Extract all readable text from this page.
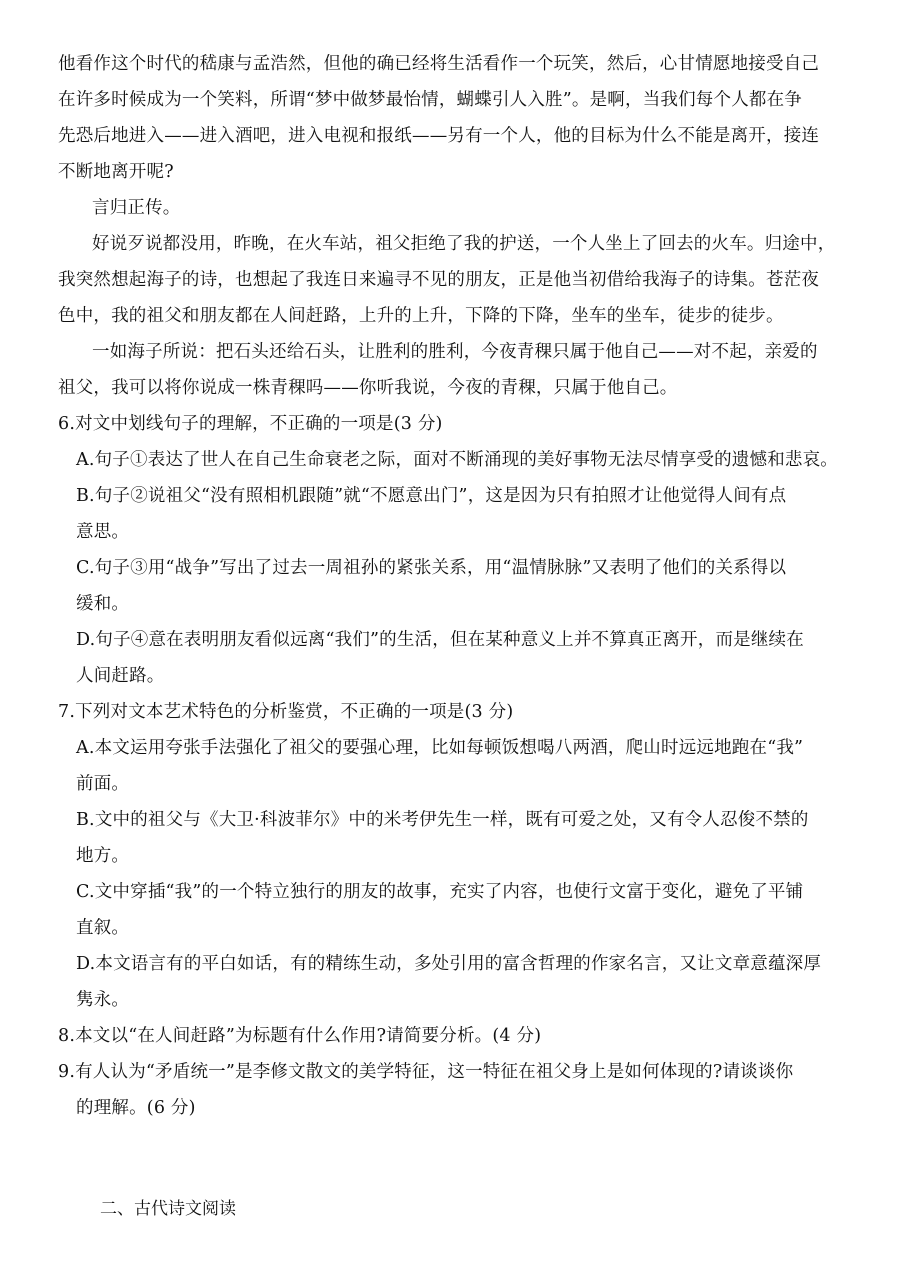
他看作这个时代的嵇康与孟浩然，但他的确已经将生活看作一个玩笑，然后，心甘情愿地接受自己
在许多时候成为一个笑料，所谓“梦中做梦最怡情，蝴蝶引人入胜”。是啊，当我们每个人都在争
先恐后地进入——进入酒吧，进入电视和报纸——另有一个人，他的目标为什么不能是离开，接连
不断地离开呢?
言归正传。
好说歹说都没用，昨晚，在火车站，祖父拒绝了我的护送，一个人坐上了回去的火车。归途中，
我突然想起海子的诗，也想起了我连日来遍寻不见的朋友，正是他当初借给我海子的诗集。苍茫夜
色中，我的祖父和朋友都在人间赶路，上升的上升，下降的下降，坐车的坐车，徒步的徒步。
一如海子所说：把石头还给石头，让胜利的胜利，今夜青稞只属于他自己——对不起，亲爱的
祖父，我可以将你说成一株青稞吗——你听我说，今夜的青稞，只属于他自己。
6.对文中划线句子的理解，不正确的一项是(3 分)
A.句子①表达了世人在自己生命衰老之际，面对不断涌现的美好事物无法尽情享受的遗憾和悲哀。
B.句子②说祖父“没有照相机跟随”就“不愿意出门”，这是因为只有拍照才让他觉得人间有点
意思。
C.句子③用“战争”写出了过去一周祖孙的紧张关系，用“温情脉脉”又表明了他们的关系得以
缓和。
D.句子④意在表明朋友看似远离“我们”的生活，但在某种意义上并不算真正离开，而是继续在
人间赶路。
7.下列对文本艺术特色的分析鉴赏，不正确的一项是(3 分)
A.本文运用夸张手法强化了祖父的要强心理，比如每顿饭想喝八两酒，爬山时远远地跑在“我”
前面。
B.文中的祖父与《大卫·科波菲尔》中的米考伊先生一样，既有可爱之处，又有令人忍俊不禁的
地方。
C.文中穿插“我”的一个特立独行的朋友的故事，充实了内容，也使行文富于变化，避免了平铺
直叙。
D.本文语言有的平白如话，有的精练生动，多处引用的富含哲理的作家名言，又让文章意蕴深厚
隽永。
8.本文以“在人间赶路”为标题有什么作用?请简要分析。(4 分)
9.有人认为“矛盾统一”是李修文散文的美学特征，这一特征在祖父身上是如何体现的?请谈谈你
的理解。(6 分)
二、古代诗文阅读
